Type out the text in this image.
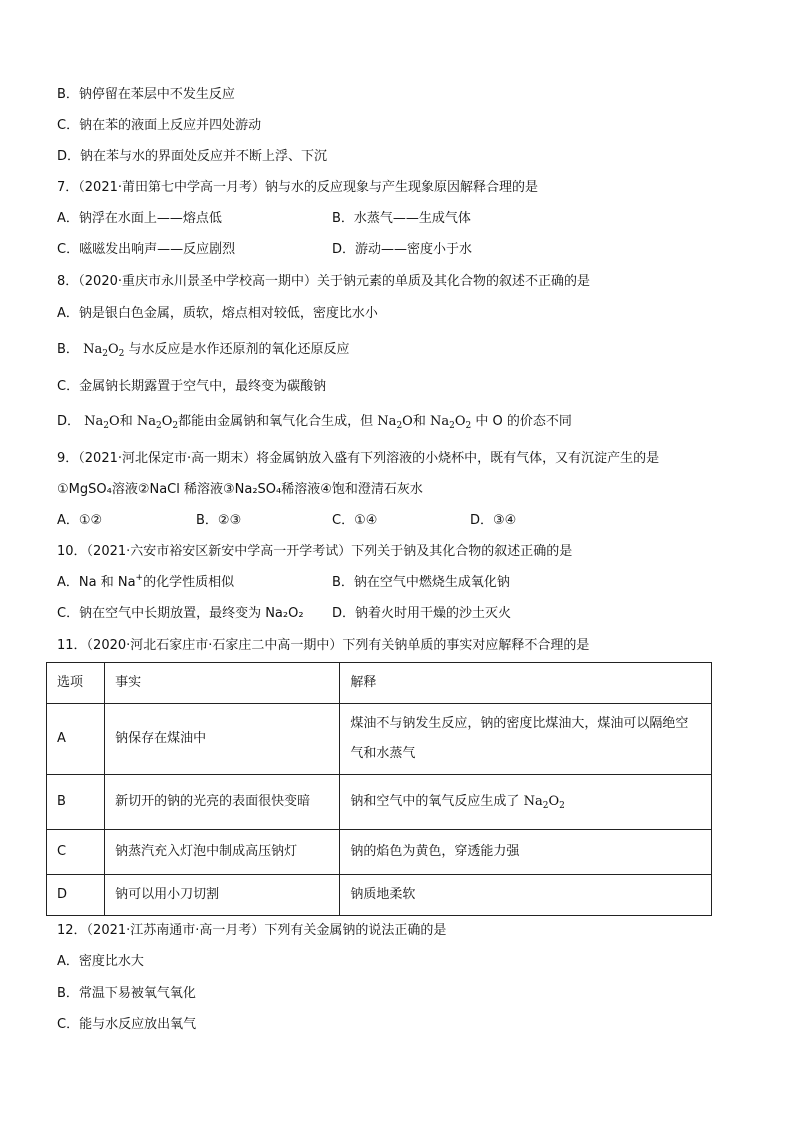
B．钠停留在苯层中不发生反应
C．钠在苯的液面上反应并四处游动
D．钠在苯与水的界面处反应并不断上浮、下沉
7．（2021·莆田第七中学高一月考）钠与水的反应现象与产生现象原因解释合理的是
A．钠浮在水面上——熔点低	B．水蒸气——生成气体
C．嗞嗞发出响声——反应剧烈	D．游动——密度小于水
8．（2020·重庆市永川景圣中学校高一期中）关于钠元素的单质及其化合物的叙述不正确的是
A．钠是银白色金属，质软，熔点相对较低，密度比水小
B． $Na_2O_2$ 与水反应是水作还原剂的氧化还原反应
C．金属钠长期露置于空气中，最终变为碳酸钠
D． $Na_2O$和 $Na_2O_2$都能由金属钠和氧气化合生成，但 $Na_2O$和 $Na_2O_2$ 中 O 的价态不同
9．（2021·河北保定市·高一期末）将金属钠放入盛有下列溶液的小烧杯中，既有气体，又有沉淀产生的是
①MgSO₄溶液②NaCl 稀溶液③Na₂SO₄稀溶液④饱和澄清石灰水
A．①②	B．②③	C．①④	D．③④
10．（2021·六安市裕安区新安中学高一开学考试）下列关于钠及其化合物的叙述正确的是
A．Na 和 Na+的化学性质相似	B．钠在空气中燃烧生成氧化钠
C．钠在空气中长期放置，最终变为 Na₂O₂ D．钠着火时用干燥的沙土灭火
11．（2020·河北石家庄市·石家庄二中高一期中）下列有关钠单质的事实对应解释不合理的是
选项	事实	解释
A	钠保存在煤油中	煤油不与钠发生反应，钠的密度比煤油大，煤油可以隔绝空
气和水蒸气
B	新切开的钠的光亮的表面很快变暗	钠和空气中的氧气反应生成了 $Na_2O_2$
C	钠蒸汽充入灯泡中制成高压钠灯	钠的焰色为黄色，穿透能力强
D	钠可以用小刀切割	钠质地柔软
12．（2021·江苏南通市·高一月考）下列有关金属钠的说法正确的是
A．密度比水大
B．常温下易被氧气氧化
C．能与水反应放出氧气
